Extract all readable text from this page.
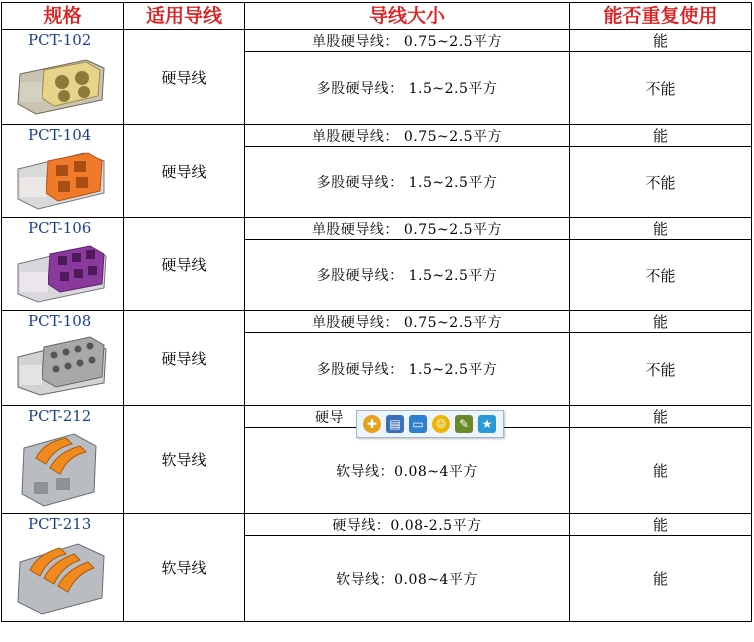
规格	适用导线	导线大小	能否重复使用

PCT-102	硬导线	单股硬导线： 0.75~2.5平方	能
		多股硬导线： 1.5~2.5平方	不能

PCT-104	硬导线	单股硬导线： 0.75~2.5平方	能
		多股硬导线： 1.5~2.5平方	不能

PCT-106	硬导线	单股硬导线： 0.75~2.5平方	能
		多股硬导线： 1.5~2.5平方	不能

PCT-108	硬导线	单股硬导线： 0.75~2.5平方	能
		多股硬导线： 1.5~2.5平方	不能

PCT-212	软导线	硬导	能
		软导线：0.08~4平方	能

PCT-213	软导线	硬导线：0.08-2.5平方	能
		软导线：0.08~4平方	能
✚	▤ ▭ ☺	✎	★
